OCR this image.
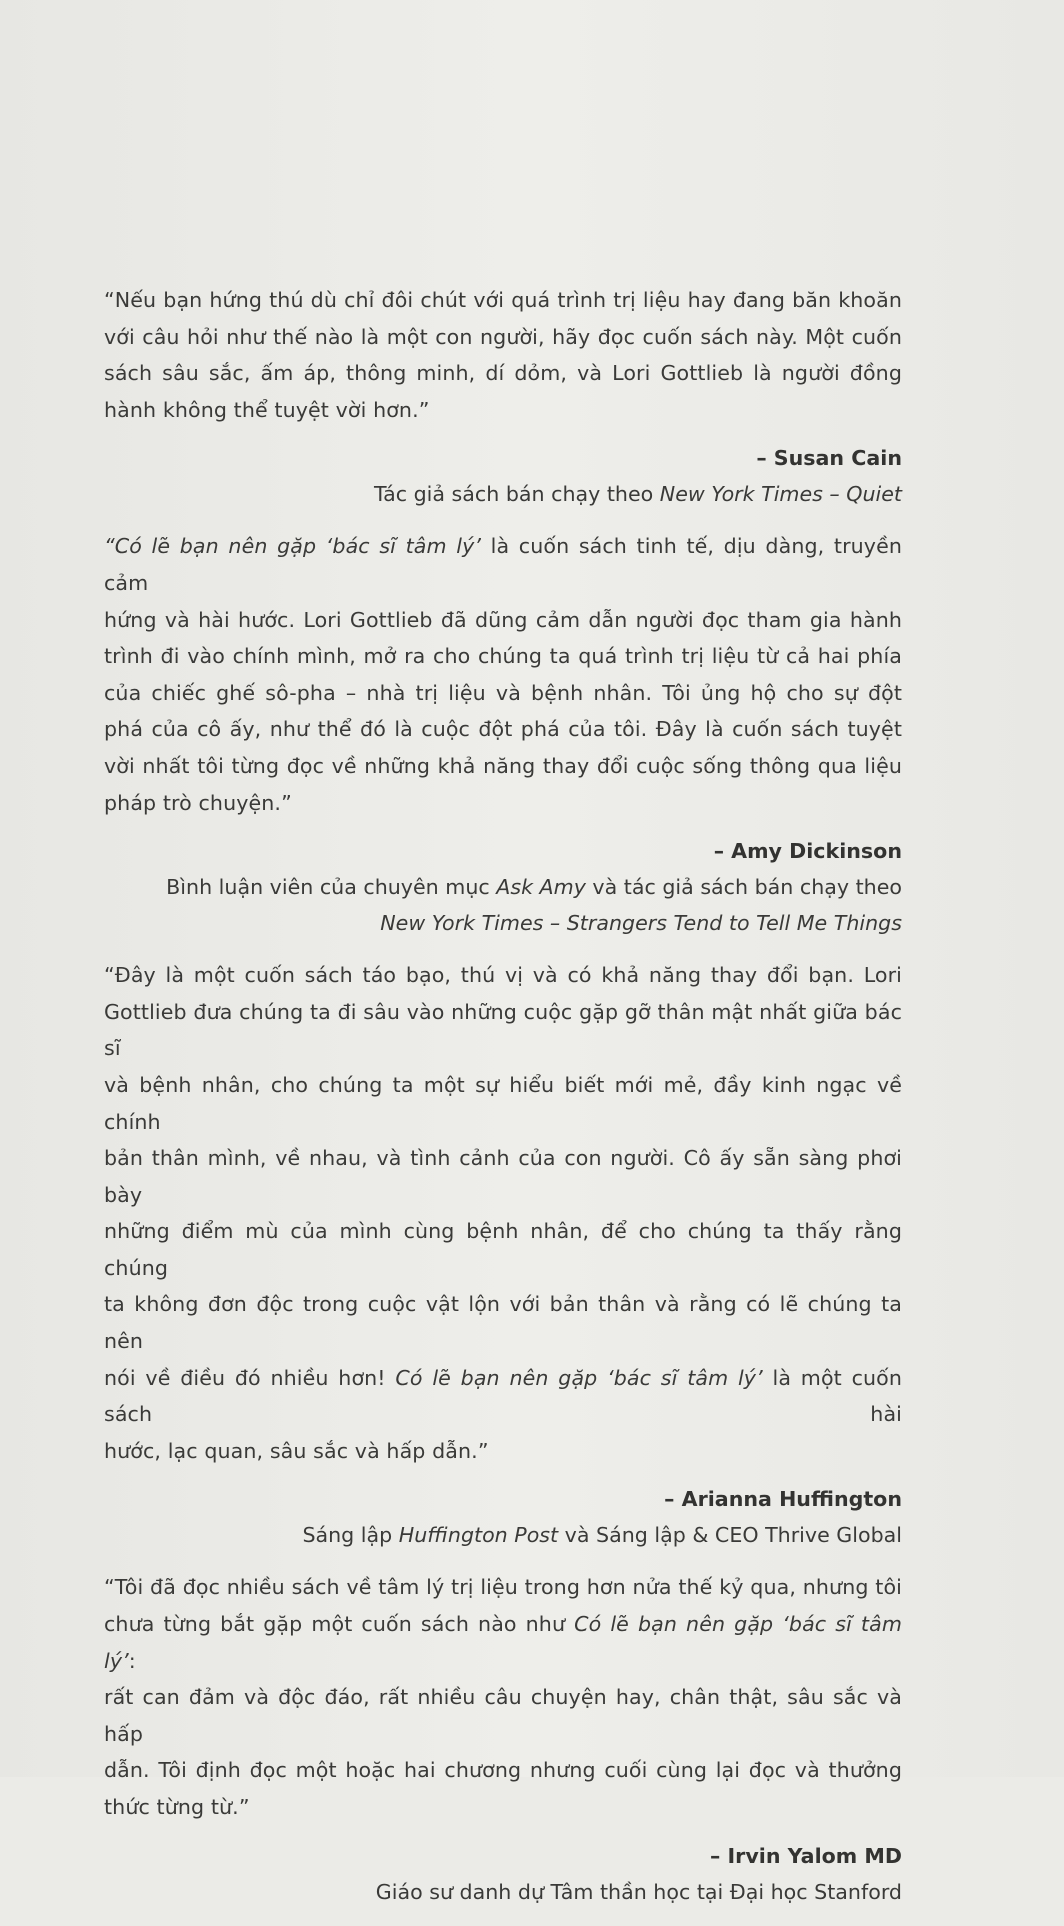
“Nếu bạn hứng thú dù chỉ đôi chút với quá trình trị liệu hay đang băn khoăn
với câu hỏi như thế nào là một con người, hãy đọc cuốn sách này. Một cuốn
sách sâu sắc, ấm áp, thông minh, dí dỏm, và Lori Gottlieb là người đồng
hành không thể tuyệt vời hơn.”

– Susan Cain

Tác giả sách bán chạy theo New York Times – Quiet

“Có lẽ bạn nên gặp ‘bác sĩ tâm lý’ là cuốn sách tinh tế, dịu dàng, truyền cảm
hứng và hài hước. Lori Gottlieb đã dũng cảm dẫn người đọc tham gia hành
trình đi vào chính mình, mở ra cho chúng ta quá trình trị liệu từ cả hai phía
của chiếc ghế sô-pha – nhà trị liệu và bệnh nhân. Tôi ủng hộ cho sự đột
phá của cô ấy, như thể đó là cuộc đột phá của tôi. Đây là cuốn sách tuyệt
vời nhất tôi từng đọc về những khả năng thay đổi cuộc sống thông qua liệu
pháp trò chuyện.”

– Amy Dickinson

Bình luận viên của chuyên mục Ask Amy và tác giả sách bán chạy theo

New York Times – Strangers Tend to Tell Me Things

“Đây là một cuốn sách táo bạo, thú vị và có khả năng thay đổi bạn. Lori
Gottlieb đưa chúng ta đi sâu vào những cuộc gặp gỡ thân mật nhất giữa bác sĩ
và bệnh nhân, cho chúng ta một sự hiểu biết mới mẻ, đầy kinh ngạc về chính
bản thân mình, về nhau, và tình cảnh của con người. Cô ấy sẵn sàng phơi bày
những điểm mù của mình cùng bệnh nhân, để cho chúng ta thấy rằng chúng
ta không đơn độc trong cuộc vật lộn với bản thân và rằng có lẽ chúng ta nên
nói về điều đó nhiều hơn! Có lẽ bạn nên gặp ‘bác sĩ tâm lý’ là một cuốn sách hài
hước, lạc quan, sâu sắc và hấp dẫn.”

– Arianna Huffington

Sáng lập Huffington Post và Sáng lập & CEO Thrive Global

“Tôi đã đọc nhiều sách về tâm lý trị liệu trong hơn nửa thế kỷ qua, nhưng tôi
chưa từng bắt gặp một cuốn sách nào như Có lẽ bạn nên gặp ‘bác sĩ tâm lý’:
rất can đảm và độc đáo, rất nhiều câu chuyện hay, chân thật, sâu sắc và hấp
dẫn. Tôi định đọc một hoặc hai chương nhưng cuối cùng lại đọc và thưởng
thức từng từ.”

– Irvin Yalom MD

Giáo sư danh dự Tâm thần học tại Đại học Stanford
